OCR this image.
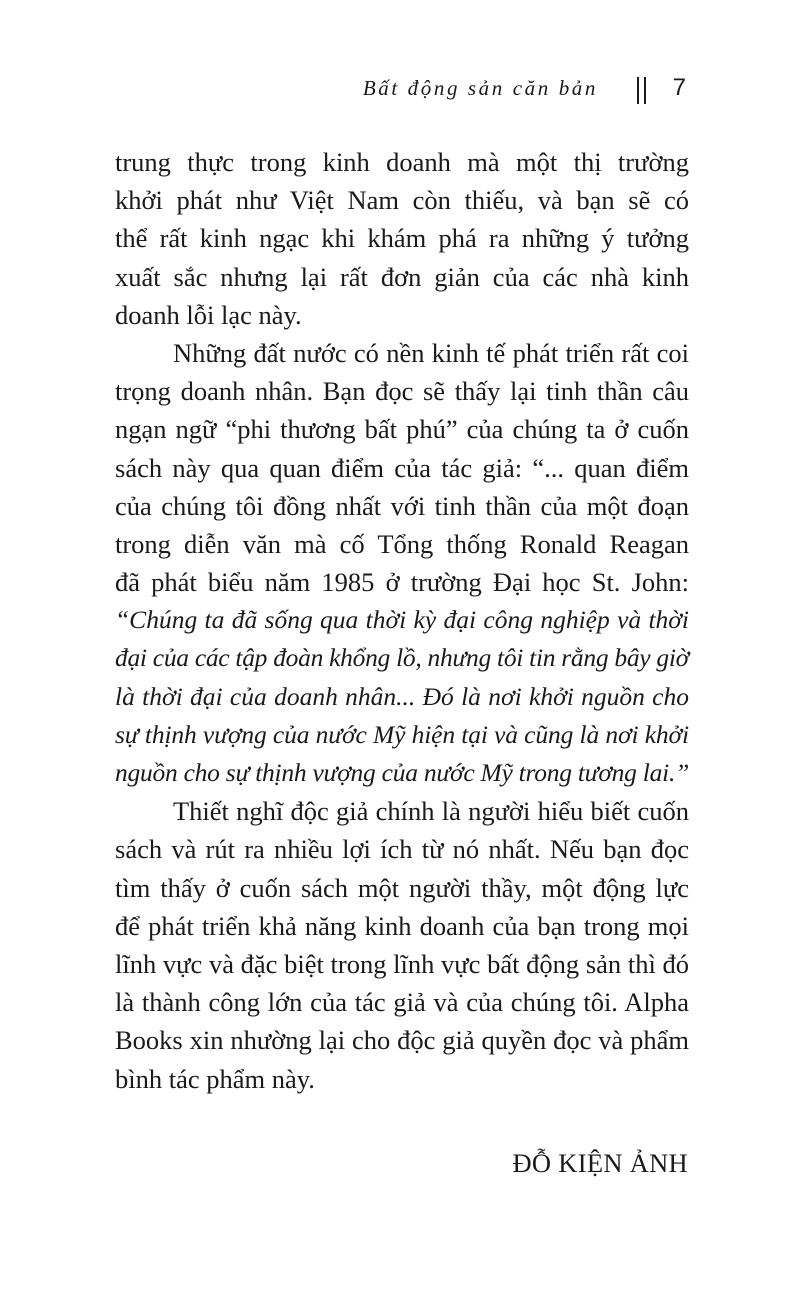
Bất động sản căn bản	7
trung thực trong kinh doanh mà một thị trường
khởi phát như Việt Nam còn thiếu, và bạn sẽ có
thể rất kinh ngạc khi khám phá ra những ý tưởng
xuất sắc nhưng lại rất đơn giản của các nhà kinh
doanh lỗi lạc này.
Những đất nước có nền kinh tế phát triển rất coi
trọng doanh nhân. Bạn đọc sẽ thấy lại tinh thần câu
ngạn ngữ “phi thương bất phú” của chúng ta ở cuốn
sách này qua quan điểm của tác giả: “... quan điểm
của chúng tôi đồng nhất với tinh thần của một đoạn
trong diễn văn mà cố Tổng thống Ronald Reagan
đã phát biểu năm 1985 ở trường Đại học St. John:
“Chúng ta đã sống qua thời kỳ đại công nghiệp và thời
đại của các tập đoàn khổng lồ, nhưng tôi tin rằng bây giờ
là thời đại của doanh nhân... Đó là nơi khởi nguồn cho
sự thịnh vượng của nước Mỹ hiện tại và cũng là nơi khởi
nguồn cho sự thịnh vượng của nước Mỹ trong tương lai.”
Thiết nghĩ độc giả chính là người hiểu biết cuốn
sách và rút ra nhiều lợi ích từ nó nhất. Nếu bạn đọc
tìm thấy ở cuốn sách một người thầy, một động lực
để phát triển khả năng kinh doanh của bạn trong mọi
lĩnh vực và đặc biệt trong lĩnh vực bất động sản thì đó
là thành công lớn của tác giả và của chúng tôi. Alpha
Books xin nhường lại cho độc giả quyền đọc và phẩm
bình tác phẩm này.
ĐỖ KIỆN ẢNH
